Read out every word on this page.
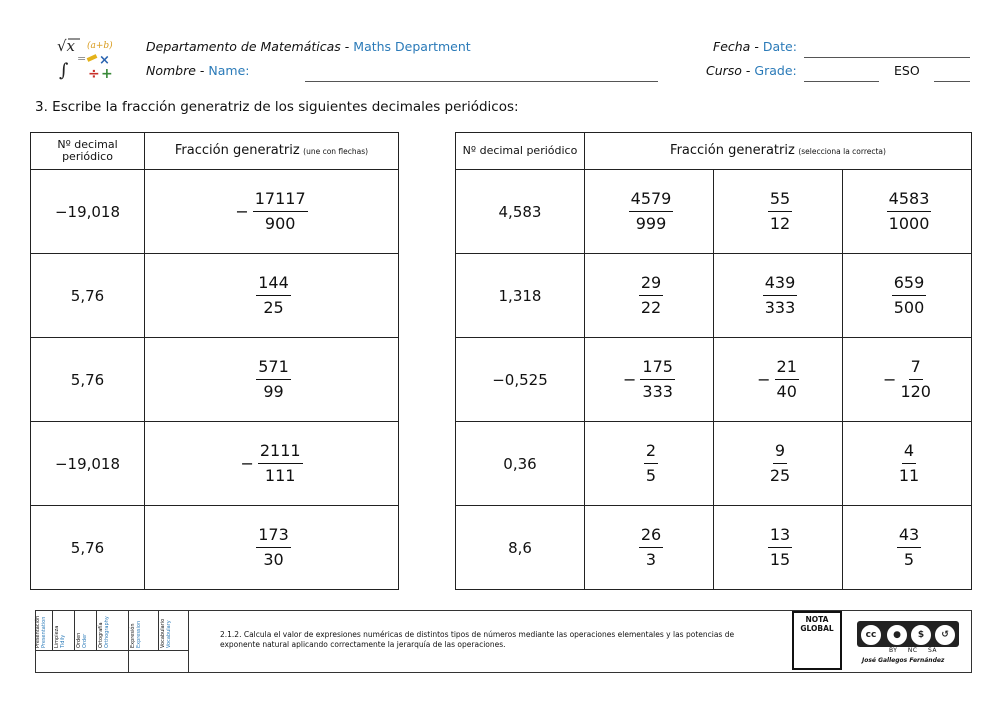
√x (a+b)
∫
= ×
÷ +
Departamento de Matemáticas - Maths Department	Fecha - Date:
Nombre - Name:	Curso - Grade:	ESO
3. Escribe la fracción generatriz de los siguientes decimales periódicos:
Nº decimal periódico	Fracción generatriz (une con flechas)
−19,018	− $\frac{17117}{900}$

5,76	$\frac{144}{25}$

5,76	$\frac{571}{99}$

−19,018	− $\frac{2111}{111}$

5,76	$\frac{173}{30}$
Nº decimal periódico	Fracción generatriz (selecciona la correcta)		
4,583	$\frac{4579}{999}$	$\frac{55}{12}$	$\frac{4583}{1000}$

1,318	$\frac{29}{22}$	$\frac{439}{333}$	$\frac{659}{500}$

−0,525	− $\frac{175}{333}$	− $\frac{21}{40}$	− $\frac{7}{120}$

0,36	$\frac{2}{5}$	$\frac{9}{25}$	$\frac{4}{11}$

8,6	$\frac{26}{3}$	$\frac{13}{15}$	$\frac{43}{5}$
Presentación Presentation Limpieza Tidily Orden Order Ortografía Orthography	Expresión Expression	Vocabulario Vocabulary	2.1.2. Calcula el valor de expresiones numéricas de distintos tipos de números mediante las operaciones elementales y las potencias de exponente natural aplicando correctamente la jerarquía de las operaciones.
NOTA GLOBAL
cc	●	$	↺
BY NC SA
José Gallegos Fernández
